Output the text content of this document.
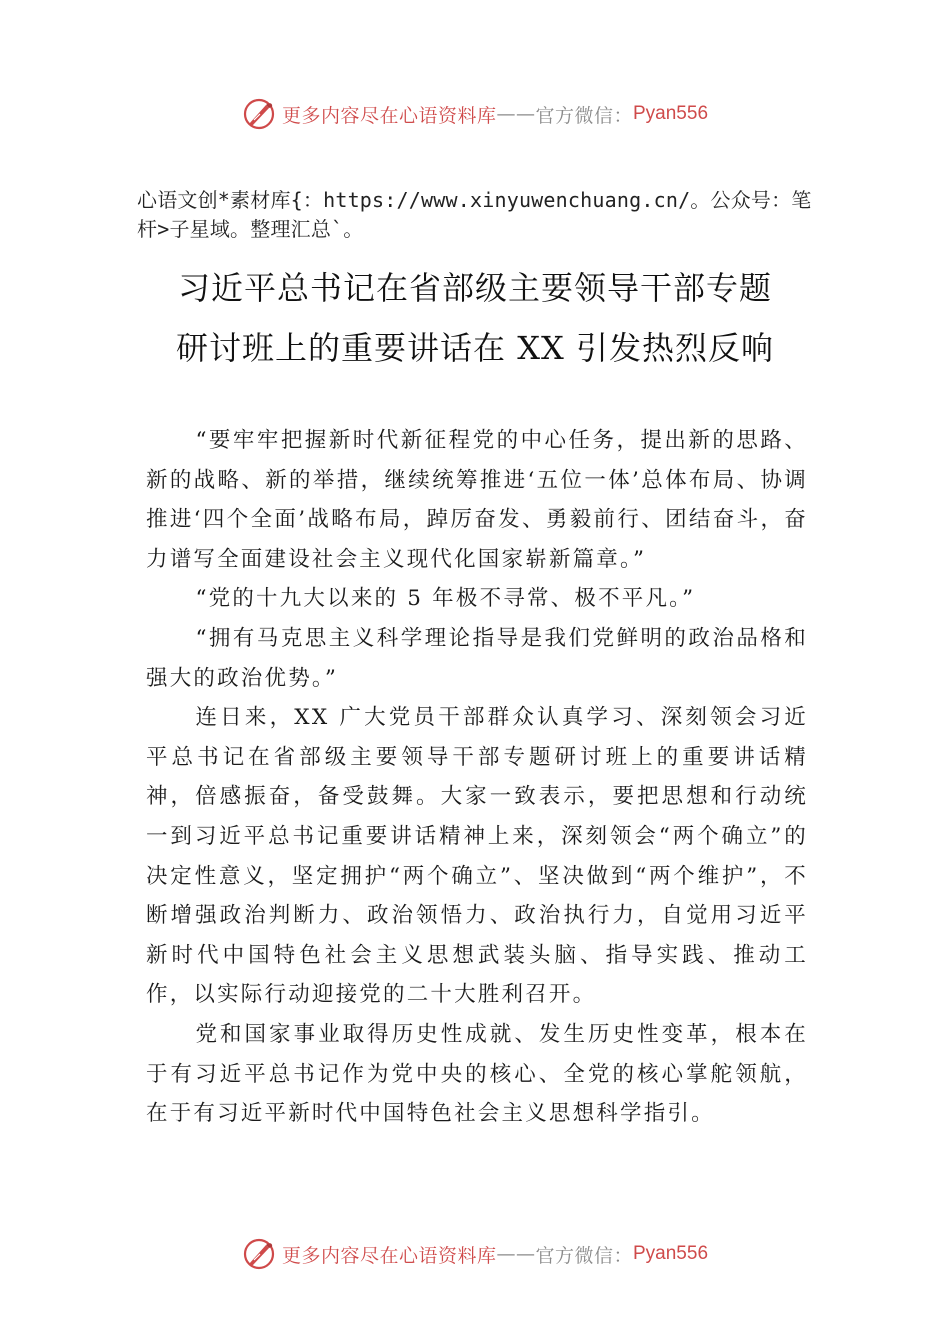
更多内容尽在心语资料库 —— 官方微信： Pyan556
心语文创*素材库{：https://www.xinyuwenchuang.cn/。公众号：笔杆>子星域。整理汇总`。
习近平总书记在省部级主要领导干部专题
研讨班上的重要讲话在 XX 引发热烈反响

“要牢牢把握新时代新征程党的中心任务，提出新的思路、新的战略、新的举措，继续统筹推进‘五位一体’总体布局、协调推进‘四个全面’战略布局，踔厉奋发、勇毅前行、团结奋斗，奋力谱写全面建设社会主义现代化国家崭新篇章。”

“党的十九大以来的 5 年极不寻常、极不平凡。”

“拥有马克思主义科学理论指导是我们党鲜明的政治品格和强大的政治优势。”

连日来，XX 广大党员干部群众认真学习、深刻领会习近平总书记在省部级主要领导干部专题研讨班上的重要讲话精神，倍感振奋，备受鼓舞。大家一致表示，要把思想和行动统一到习近平总书记重要讲话精神上来，深刻领会“两个确立”的决定性意义，坚定拥护“两个确立”、坚决做到“两个维护”，不断增强政治判断力、政治领悟力、政治执行力，自觉用习近平新时代中国特色社会主义思想武装头脑、指导实践、推动工作，以实际行动迎接党的二十大胜利召开。

党和国家事业取得历史性成就、发生历史性变革，根本在于有习近平总书记作为党中央的核心、全党的核心掌舵领航，在于有习近平新时代中国特色社会主义思想科学指引。

更多内容尽在心语资料库 —— 官方微信： Pyan556
